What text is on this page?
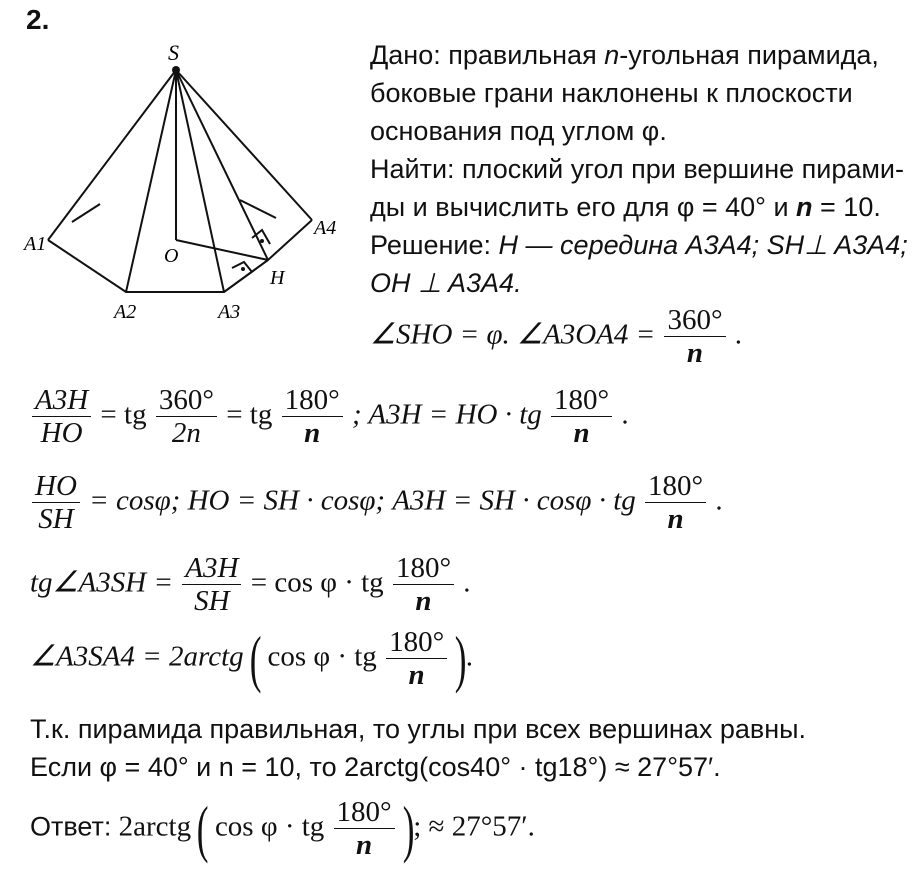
2.
S
A1
A2	A3
A4
O
H
Дано: правильная n-угольная пирамида,
боковые грани наклонены к плоскости
основания под углом φ.
Найти: плоский угол при вершине пирами-
ды и вычислить его для φ = 40° и n = 10.
Решение: H — середина A3A4; SH⊥ A3A4;
OH ⊥ A3A4.
∠SHO = φ. ∠A3OA4 = $\frac{360^\circ}{n}$ .
$\frac{A3H}{HO}$ = tg $\frac{360^\circ}{2n}$ = tg $\frac{180^\circ}{n}$ ; A3H = HO · tg $\frac{180^\circ}{n}$ .
$\frac{HO}{SH} = \cos\varphi$; HO = SH · cosφ; A3H = SH · cosφ · tg $\frac{180^\circ}{n}$ .
tg∠A3SH = $\frac{A3H}{SH} = \cos \varphi$ · tg $\frac{180^\circ}{n}$ .
∠A3SA4 = 2arctg ( cos φ · tg $\frac{180^\circ}{n}$ ).
Т.к. пирамида правильная, то углы при всех вершинах равны.
Если φ = 40° и n = 10, то 2arctg(cos40° · tg18°) ≈ 27°57′.
Ответ: 2arctg ( cos φ · tg $\frac{180^\circ}{n}$ ); ≈ 27°57′.
